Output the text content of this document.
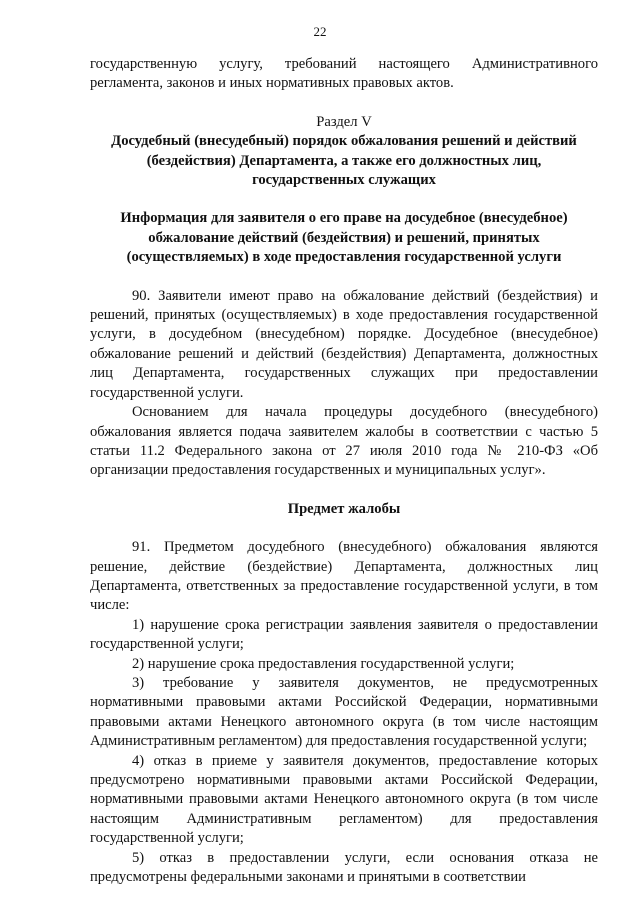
22

государственную услугу, требований настоящего Административного регламента, законов и иных нормативных правовых актов.

Раздел V

Досудебный (внесудебный) порядок обжалования решений и действий (бездействия) Департамента, а также его должностных лиц, государственных служащих

Информация для заявителя о его праве на досудебное (внесудебное) обжалование действий (бездействия) и решений, принятых (осуществляемых) в ходе предоставления государственной услуги

90. Заявители имеют право на обжалование действий (бездействия) и решений, принятых (осуществляемых) в ходе предоставления государственной услуги, в досудебном (внесудебном) порядке. Досудебное (внесудебное) обжалование решений и действий (бездействия) Департамента, должностных лиц Департамента, государственных служащих при предоставлении государственной услуги.

Основанием для начала процедуры досудебного (внесудебного) обжалования является подача заявителем жалобы в соответствии с частью 5 статьи 11.2 Федерального закона от 27 июля 2010 года № 210-ФЗ «Об организации предоставления государственных и муниципальных услуг».

Предмет жалобы

91. Предметом досудебного (внесудебного) обжалования являются решение, действие (бездействие) Департамента, должностных лиц Департамента, ответственных за предоставление государственной услуги, в том числе:

1) нарушение срока регистрации заявления заявителя о предоставлении государственной услуги;

2) нарушение срока предоставления государственной услуги;

3) требование у заявителя документов, не предусмотренных нормативными правовыми актами Российской Федерации, нормативными правовыми актами Ненецкого автономного округа (в том числе настоящим Административным регламентом) для предоставления государственной услуги;

4) отказ в приеме у заявителя документов, предоставление которых предусмотрено нормативными правовыми актами Российской Федерации, нормативными правовыми актами Ненецкого автономного округа (в том числе настоящим Административным регламентом) для предоставления государственной услуги;

5) отказ в предоставлении услуги, если основания отказа не предусмотрены федеральными законами и принятыми в соответствии
